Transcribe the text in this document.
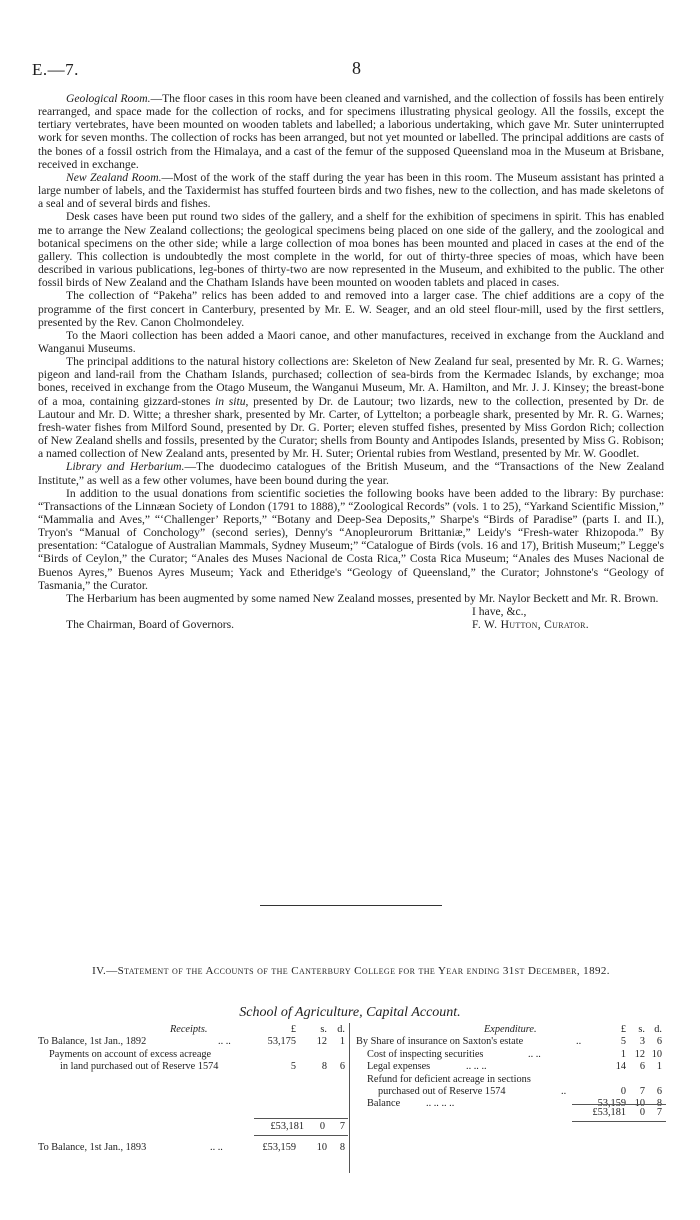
E.—7.	8

Geological Room.—The floor cases in this room have been cleaned and varnished, and the collection of fossils has been entirely rearranged, and space made for the collection of rocks, and for specimens illustrating physical geology. All the fossils, except the tertiary vertebrates, have been mounted on wooden tablets and labelled; a laborious undertaking, which gave Mr. Suter uninterrupted work for seven months. The collection of rocks has been arranged, but not yet mounted or labelled. The principal additions are casts of the bones of a fossil ostrich from the Himalaya, and a cast of the femur of the supposed Queensland moa in the Museum at Brisbane, received in exchange.

New Zealand Room.—Most of the work of the staff during the year has been in this room. The Museum assistant has printed a large number of labels, and the Taxidermist has stuffed fourteen birds and two fishes, new to the collection, and has made skeletons of a seal and of several birds and fishes.

Desk cases have been put round two sides of the gallery, and a shelf for the exhibition of specimens in spirit. This has enabled me to arrange the New Zealand collections; the geological specimens being placed on one side of the gallery, and the zoological and botanical specimens on the other side; while a large collection of moa bones has been mounted and placed in cases at the end of the gallery. This collection is undoubtedly the most complete in the world, for out of thirty-three species of moas, which have been described in various publications, leg-bones of thirty-two are now represented in the Museum, and exhibited to the public. The other fossil birds of New Zealand and the Chatham Islands have been mounted on wooden tablets and placed in cases.

The collection of “Pakeha” relics has been added to and removed into a larger case. The chief additions are a copy of the programme of the first concert in Canterbury, presented by Mr. E. W. Seager, and an old steel flour-mill, used by the first settlers, presented by the Rev. Canon Cholmondeley.

To the Maori collection has been added a Maori canoe, and other manufactures, received in exchange from the Auckland and Wanganui Museums.

The principal additions to the natural history collections are: Skeleton of New Zealand fur seal, presented by Mr. R. G. Warnes; pigeon and land-rail from the Chatham Islands, purchased; collection of sea-birds from the Kermadec Islands, by exchange; moa bones, received in exchange from the Otago Museum, the Wanganui Museum, Mr. A. Hamilton, and Mr. J. J. Kinsey; the breast-bone of a moa, containing gizzard-stones in situ, presented by Dr. de Lautour; two lizards, new to the collection, presented by Dr. de Lautour and Mr. D. Witte; a thresher shark, presented by Mr. Carter, of Lyttelton; a porbeagle shark, presented by Mr. R. G. Warnes; fresh-water fishes from Milford Sound, presented by Dr. G. Porter; eleven stuffed fishes, presented by Miss Gordon Rich; collection of New Zealand shells and fossils, presented by the Curator; shells from Bounty and Antipodes Islands, presented by Miss G. Robison; a named collection of New Zealand ants, presented by Mr. H. Suter; Oriental rubies from Westland, presented by Mr. W. Goodlet.

Library and Herbarium.—The duodecimo catalogues of the British Museum, and the “Transactions of the New Zealand Institute,” as well as a few other volumes, have been bound during the year.

In addition to the usual donations from scientific societies the following books have been added to the library: By purchase: “Transactions of the Linnæan Society of London (1791 to 1888),” “Zoological Records” (vols. 1 to 25), “Yarkand Scientific Mission,” “Mammalia and Aves,” “‘Challenger’ Reports,” “Botany and Deep-Sea Deposits,” Sharpe's “Birds of Paradise” (parts I. and II.), Tryon's “Manual of Conchology” (second series), Denny's “Anopleurorum Brittaniæ,” Leidy's “Fresh-water Rhizopoda.” By presentation: “Catalogue of Australian Mammals, Sydney Museum;” “Catalogue of Birds (vols. 16 and 17), British Museum;” Legge's “Birds of Ceylon,” the Curator; “Anales des Muses Nacional de Costa Rica,” Costa Rica Museum; “Anales des Muses Nacional de Buenos Ayres,” Buenos Ayres Museum; Yack and Etheridge's “Geology of Queensland,” the Curator; Johnstone's “Geology of Tasmania,” the Curator.

The Herbarium has been augmented by some named New Zealand mosses, presented by Mr. Naylor Beckett and Mr. R. Brown.

I have, &c.,
The Chairman, Board of Governors.	F. W. Hutton, Curator.
IV.—Statement of the Accounts of the Canterbury College for the Year ending 31st December, 1892.
School of Agriculture, Capital Account.
Receipts.	£	s. d.
To Balance, 1st Jan., 1892	.. ..	53,175	12	1
Payments on account of excess acreage
in land purchased out of Reserve 1574	5	8	6
Expenditure.	£	s. d.
By Share of insurance on Saxton's estate	..	5	3	6
Cost of inspecting securities	.. ..	1 12 10
Legal expenses	.. .. ..	14	6	1
Refund for deficient acreage in sections
purchased out of Reserve 1574	..	0	7	6
Balance	.. .. .. ..	53,159 10	8
£53,181	0	7
£53,181	0	7
To Balance, 1st Jan., 1893	.. ..	£53,159	10	8
